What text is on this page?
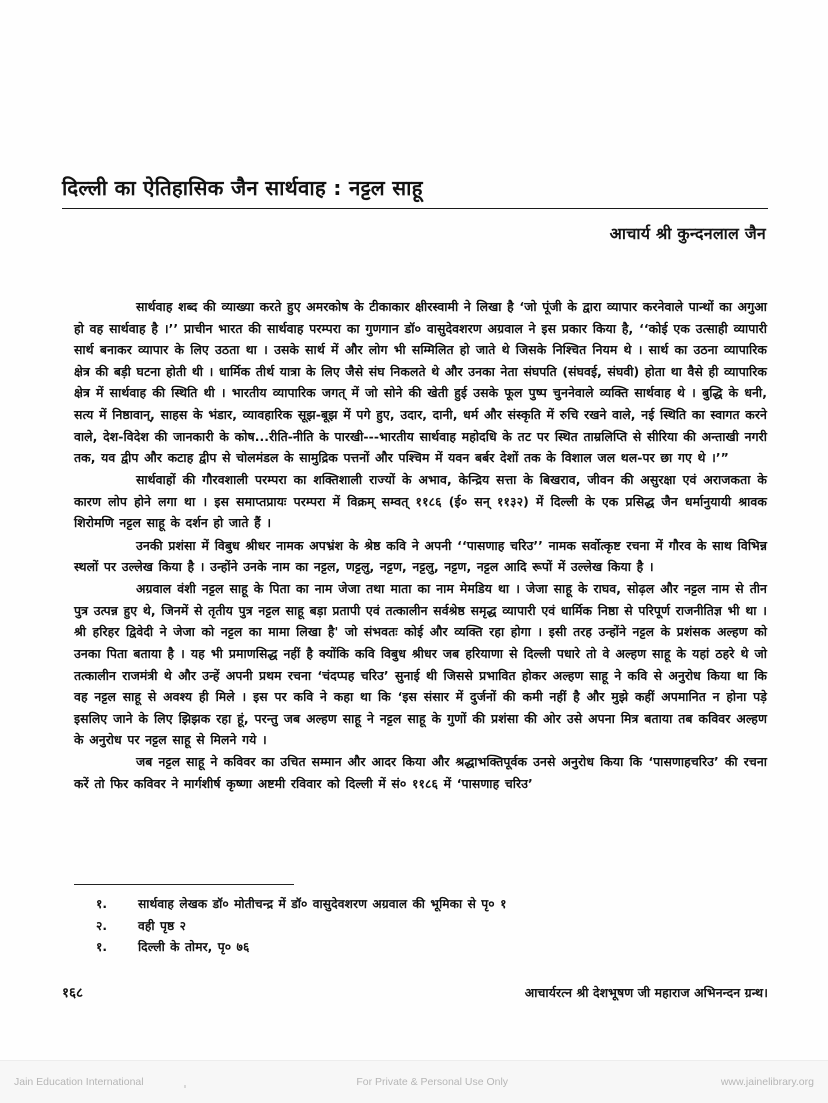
दिल्ली का ऐतिहासिक जैन सार्थवाह : नट्टल साहू
आचार्य श्री कुन्दनलाल जैन

सार्थवाह शब्द की व्याख्या करते हुए अमरकोष के टीकाकार क्षीरस्वामी ने लिखा है ‘जो पूंजी के द्वारा व्यापार करनेवाले पान्थों का अगुआ हो वह सार्थवाह है ।’’ प्राचीन भारत की सार्थवाह परम्परा का गुणगान डॉ० वासुदेवशरण अग्रवाल ने इस प्रकार किया है, ‘‘कोई एक उत्साही व्यापारी सार्थ बनाकर व्यापार के लिए उठता था । उसके सार्थ में और लोग भी सम्मिलित हो जाते थे जिसके निश्चित नियम थे । सार्थ का उठना व्यापारिक क्षेत्र की बड़ी घटना होती थी । धार्मिक तीर्थ यात्रा के लिए जैसे संघ निकलते थे और उनका नेता संघपति (संघवई, संघवी) होता था वैसे ही व्यापारिक क्षेत्र में सार्थवाह की स्थिति थी । भारतीय व्यापारिक जगत् में जो सोने की खेती हुई उसके फूल पुष्प चुननेवाले व्यक्ति सार्थवाह थे । बुद्धि के धनी, सत्य में निष्ठावान्, साहस के भंडार, व्यावहारिक सूझ-बूझ में पगे हुए, उदार, दानी, धर्म और संस्कृति में रुचि रखने वाले, नई स्थिति का स्वागत करने वाले, देश-विदेश की जानकारी के कोष...रीति-नीति के पारखी---भारतीय सार्थवाह महोदधि के तट पर स्थित ताम्रलिप्ति से सीरिया की अन्ताखी नगरी तक, यव द्वीप और कटाह द्वीप से चोलमंडल के सामुद्रिक पत्तनों और पश्चिम में यवन बर्बर देशों तक के विशाल जल थल-पर छा गए थे ।’”

सार्थवाहों की गौरवशाली परम्परा का शक्तिशाली राज्यों के अभाव, केन्द्रिय सत्ता के बिखराव, जीवन की असुरक्षा एवं अराजकता के कारण लोप होने लगा था । इस समाप्तप्रायः परम्परा में विक्रम् सम्वत् ११८६ (ई० सन् ११३२) में दिल्ली के एक प्रसिद्ध जैन धर्मानुयायी श्रावक शिरोमणि नट्टल साहू के दर्शन हो जाते हैं ।

उनकी प्रशंसा में विबुध श्रीधर नामक अपभ्रंश के श्रेष्ठ कवि ने अपनी ‘‘पासणाह चरिउ’’ नामक सर्वोत्कृष्ट रचना में गौरव के साथ विभिन्न स्थलों पर उल्लेख किया है । उन्होंने उनके नाम का नट्टल, णट्टलु, नट्टण, नट्टलु, नट्टण, नट्टल आदि रूपों में उल्लेख किया है ।

अग्रवाल वंशी नट्टल साहू के पिता का नाम जेजा तथा माता का नाम मेमडिय था । जेजा साहू के राघव, सोढ़ल और नट्टल नाम से तीन पुत्र उत्पन्न हुए थे, जिनमें से तृतीय पुत्र नट्टल साहू बड़ा प्रतापी एवं तत्कालीन सर्वश्रेष्ठ समृद्ध व्यापारी एवं धार्मिक निष्ठा से परिपूर्ण राजनीतिज्ञ भी था । श्री हरिहर द्विवेदी ने जेजा को नट्टल का मामा लिखा है' जो संभवतः कोई और व्यक्ति रहा होगा । इसी तरह उन्होंने नट्टल के प्रशंसक अल्हण को उनका पिता बताया है । यह भी प्रमाणसिद्ध नहीं है क्योंकि कवि विबुध श्रीधर जब हरियाणा से दिल्ली पधारे तो वे अल्हण साहू के यहां ठहरे थे जो तत्कालीन राजमंत्री थे और उन्हें अपनी प्रथम रचना ‘चंदप्पह चरिउ’ सुनाई थी जिससे प्रभावित होकर अल्हण साहू ने कवि से अनुरोध किया था कि वह नट्टल साहू से अवश्य ही मिले । इस पर कवि ने कहा था कि ‘इस संसार में दुर्जनों की कमी नहीं है और मुझे कहीं अपमानित न होना पड़े इसलिए जाने के लिए झिझक रहा हूं, परन्तु जब अल्हण साहू ने नट्टल साहू के गुणों की प्रशंसा की ओर उसे अपना मित्र बताया तब कविवर अल्हण के अनुरोध पर नट्टल साहू से मिलने गये ।

जब नट्टल साहू ने कविवर का उचित सम्मान और आदर किया और श्रद्धाभक्तिपूर्वक उनसे अनुरोध किया कि ‘पासणाहचरिउ’ की रचना करें तो फिर कविवर ने मार्गशीर्ष कृष्णा अष्टमी रविवार को दिल्ली में सं० ११८६ में ‘पासणाह चरिउ’

१.	सार्थवाह लेखक डॉ० मोतीचन्द्र में डॉ० वासुदेवशरण अग्रवाल की भूमिका से पृ० १
२.	वही पृष्ठ २
१.	दिल्ली के तोमर, पृ० ७६
१६८	आचार्यरत्न श्री देशभूषण जी महाराज अभिनन्दन ग्रन्थ।
Jain Education International	For Private & Personal Use Only	www.jainelibrary.org
